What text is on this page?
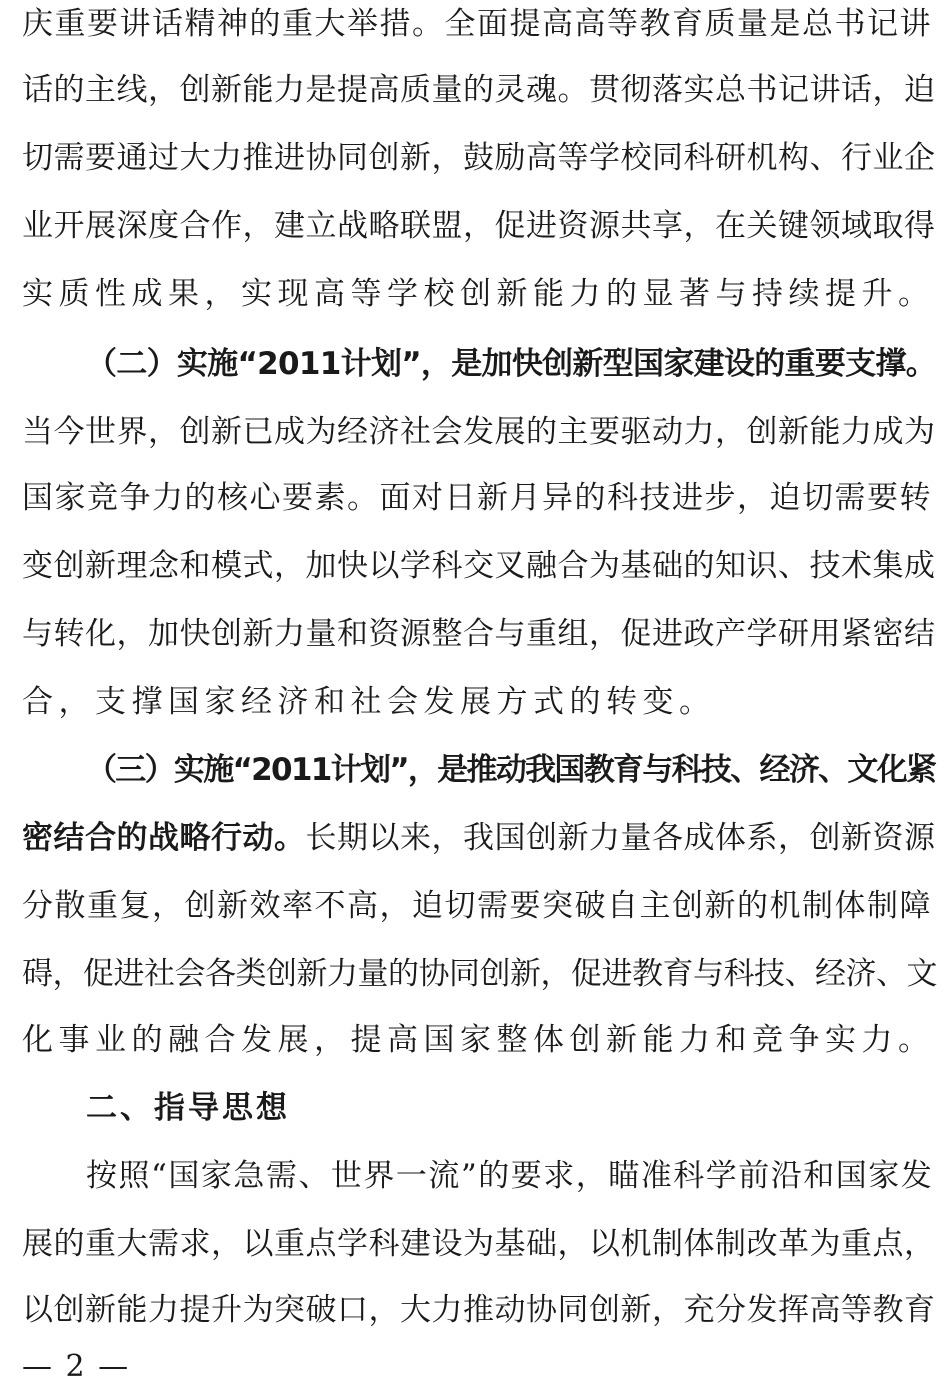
庆重要讲话精神的重大举措。全面提高高等教育质量是总书记讲
话的主线，创新能力是提高质量的灵魂。贯彻落实总书记讲话，迫
切需要通过大力推进协同创新，鼓励高等学校同科研机构、行业企
业开展深度合作，建立战略联盟，促进资源共享，在关键领域取得
实质性成果，实现高等学校创新能力的显著与持续提升。
（二）实施“2011计划”，是加快创新型国家建设的重要支撑。
当今世界，创新已成为经济社会发展的主要驱动力，创新能力成为
国家竞争力的核心要素。面对日新月异的科技进步，迫切需要转
变创新理念和模式，加快以学科交叉融合为基础的知识、技术集成
与转化，加快创新力量和资源整合与重组，促进政产学研用紧密结
合，支撑国家经济和社会发展方式的转变。
（三）实施“2011计划”，是推动我国教育与科技、经济、文化紧
密结合的战略行动。长期以来，我国创新力量各成体系，创新资源
分散重复，创新效率不高，迫切需要突破自主创新的机制体制障
碍，促进社会各类创新力量的协同创新，促进教育与科技、经济、文
化事业的融合发展，提高国家整体创新能力和竞争实力。
二、指导思想
按照“国家急需、世界一流”的要求，瞄准科学前沿和国家发
展的重大需求，以重点学科建设为基础，以机制体制改革为重点，
以创新能力提升为突破口，大力推动协同创新，充分发挥高等教育
— 2 —
